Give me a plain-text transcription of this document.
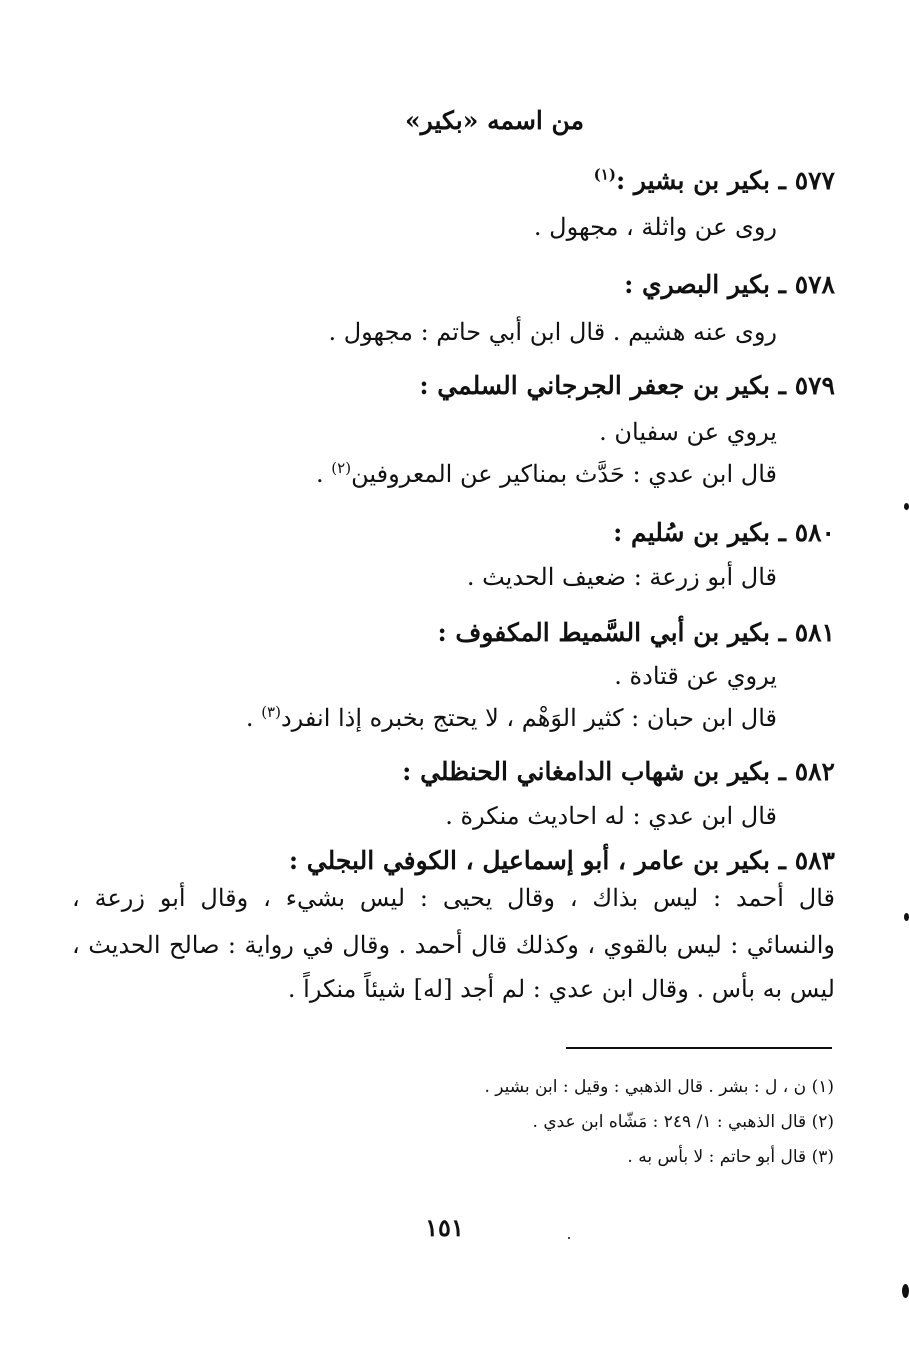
من اسمه «بكير»
٥٧٧ ـ بكير بن بشير :$^{(١)}$
روى عن واثلة ، مجهول .
٥٧٨ ـ بكير البصري :
روى عنه هشيم . قال ابن أبي حاتم : مجهول .
٥٧٩ ـ بكير بن جعفر الجرجاني السلمي :
يروي عن سفيان .
قال ابن عدي : حَدَّث بمناكير عن المعروفين$^{(٢)}$ .
٥٨٠ ـ بكير بن سُليم :
قال أبو زرعة : ضعيف الحديث .
٥٨١ ـ بكير بن أبي السَّميط المكفوف :
يروي عن قتادة .
قال ابن حبان : كثير الوَهْم ، لا يحتج بخبره إذا انفرد$^{(٣)}$ .
٥٨٢ ـ بكير بن شهاب الدامغاني الحنظلي :
قال ابن عدي : له احاديث منكرة .
٥٨٣ ـ بكير بن عامر ، أبو إسماعيل ، الكوفي البجلي :
قال أحمد : ليس بذاك ، وقال يحيى : ليس بشيء ، وقال أبو زرعة ،
والنسائي : ليس بالقوي ، وكذلك قال أحمد . وقال في رواية : صالح الحديث ،
ليس به بأس . وقال ابن عدي : لم أجد [له] شيئاً منكراً .
(١) ن ، ل : بشر . قال الذهبي : وقيل : ابن بشير .
(٢) قال الذهبي : ١/ ٢٤٩ : مَشّاه ابن عدي .
(٣) قال أبو حاتم : لا بأس به .
١٥١
